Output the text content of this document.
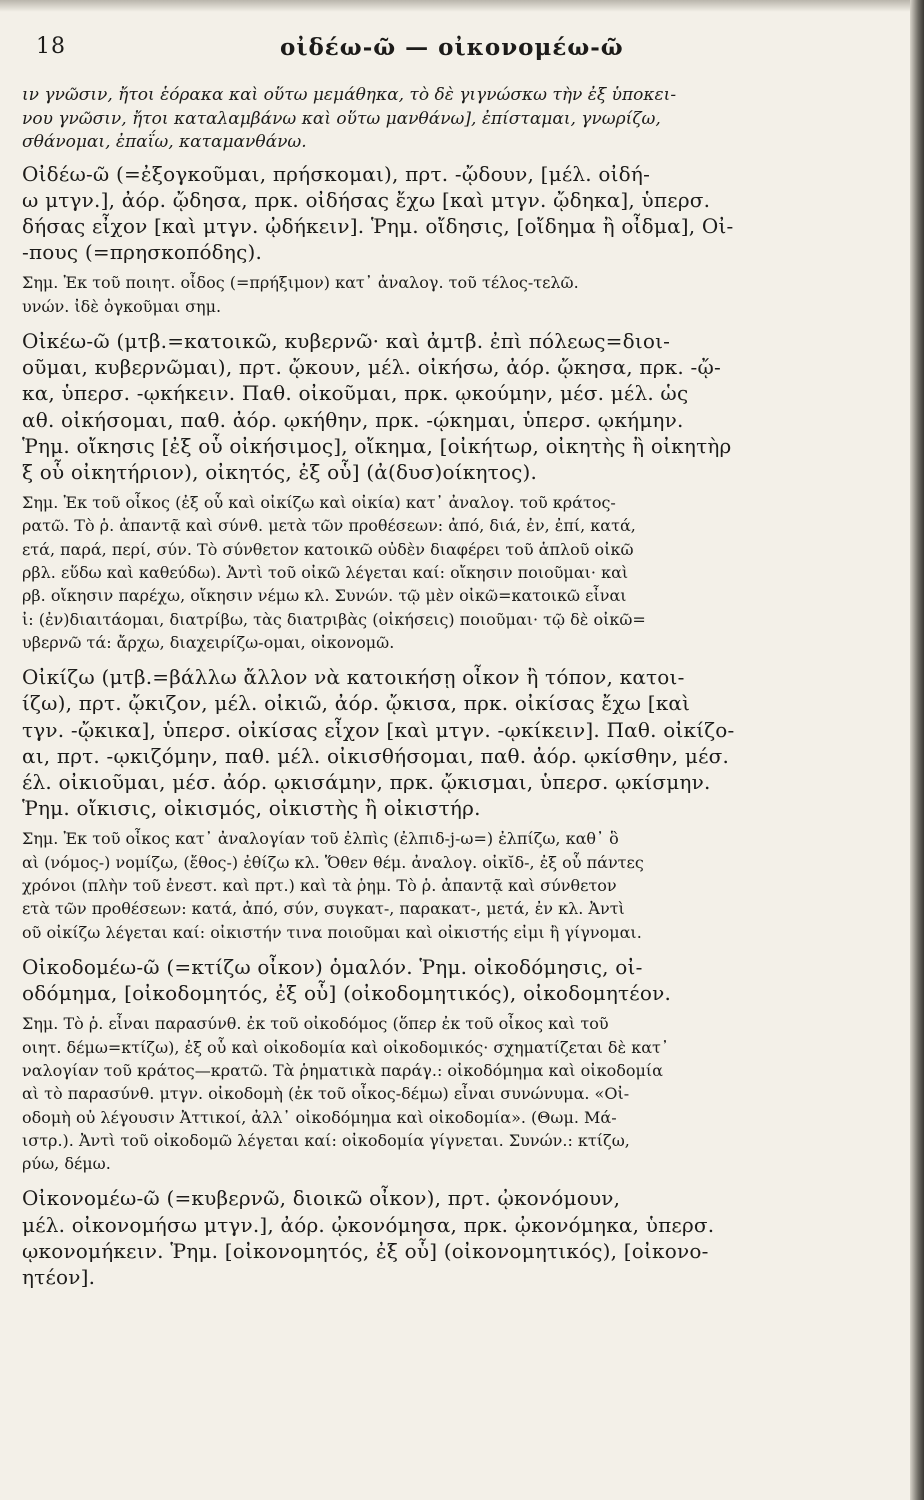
18	οἰδέω-ῶ — οἰκονομέω-ῶ
ιν γνῶσιν, ἤτοι ἑόρακα καὶ οὕτω μεμάθηκα, τὸ δὲ γιγνώσκω τὴν ἐξ ὑποκει-
νου γνῶσιν, ἤτοι καταλαμβάνω καὶ οὕτω μανθάνω], ἐπίσταμαι, γνωρίζω,
σθάνομαι, ἐπαΐω, καταμανθάνω.
Οἰδέω-ῶ (=ἐξογκοῦμαι, πρήσκομαι), πρτ. -ᾤδουν, [μέλ. οἰδή-
ω μτγν.], ἀόρ. ᾤδησα, πρκ. οἰδήσας ἔχω [καὶ μτγν. ᾤδηκα], ὑπερσ.
δήσας εἶχον [καὶ μτγν. ᾠδήκειν]. Ῥημ. οἴδησις, [οἴδημα ἢ οἶδμα], Οἰ-
-πους (=πρησκοπόδης).
Σημ. Ἐκ τοῦ ποιητ. οἶδος (=πρήξιμον) κατ᾽ ἀναλογ. τοῦ τέλος-τελῶ.
υνών. ἰδὲ ὀγκοῦμαι σημ.
Οἰκέω-ῶ (μτβ.=κατοικῶ, κυβερνῶ· καὶ ἀμτβ. ἐπὶ πόλεως=διοι-
οῦμαι, κυβερνῶμαι), πρτ. ᾤκουν, μέλ. οἰκήσω, ἀόρ. ᾤκησα, πρκ. -ᾤ-
κα, ὑπερσ. -ῳκήκειν. Παθ. οἰκοῦμαι, πρκ. ῳκούμην, μέσ. μέλ. ὡς
αθ. οἰκήσομαι, παθ. ἀόρ. ῳκήθην, πρκ. -ῴκημαι, ὑπερσ. ῳκήμην.
Ῥημ. οἴκησις [ἐξ οὗ οἰκήσιμος], οἴκημα, [οἰκήτωρ, οἰκητὴς ἢ οἰκητὴρ
ξ οὗ οἰκητήριον), οἰκητός, ἐξ οὗ] (ἀ(δυσ)οίκητος).
Σημ. Ἐκ τοῦ οἶκος (ἐξ οὗ καὶ οἰκίζω καὶ οἰκία) κατ᾽ ἀναλογ. τοῦ κράτος-
ρατῶ. Τὸ ῥ. ἀπαντᾷ καὶ σύνθ. μετὰ τῶν προθέσεων: ἀπό, διά, ἐν, ἐπί, κατά,
ετά, παρά, περί, σύν. Τὸ σύνθετον κατοικῶ οὐδὲν διαφέρει τοῦ ἁπλοῦ οἰκῶ
ρβλ. εὕδω καὶ καθεύδω). Ἀντὶ τοῦ οἰκῶ λέγεται καί: οἴκησιν ποιοῦμαι· καὶ
ρβ. οἴκησιν παρέχω, οἴκησιν νέμω κλ. Συνών. τῷ μὲν οἰκῶ=κατοικῶ εἶναι
ἰ: (ἐν)διαιτάομαι, διατρίβω, τὰς διατριβὰς (οἰκήσεις) ποιοῦμαι· τῷ δὲ οἰκῶ=
υβερνῶ τά: ἄρχω, διαχειρίζω-ομαι, οἰκονομῶ.
Οἰκίζω (μτβ.=βάλλω ἄλλον νὰ κατοικήσῃ οἶκον ἢ τόπον, κατοι-
ίζω), πρτ. ᾤκιζον, μέλ. οἰκιῶ, ἀόρ. ᾤκισα, πρκ. οἰκίσας ἔχω [καὶ
τγν. -ᾤκικα], ὑπερσ. οἰκίσας εἶχον [καὶ μτγν. -ῳκίκειν]. Παθ. οἰκίζο-
αι, πρτ. -ῳκιζόμην, παθ. μέλ. οἰκισθήσομαι, παθ. ἀόρ. ῳκίσθην, μέσ.
έλ. οἰκιοῦμαι, μέσ. ἀόρ. ῳκισάμην, πρκ. ᾤκισμαι, ὑπερσ. ῳκίσμην.
Ῥημ. οἴκισις, οἰκισμός, οἰκιστὴς ἢ οἰκιστήρ.
Σημ. Ἐκ τοῦ οἶκος κατ᾽ ἀναλογίαν τοῦ ἐλπὶς (ἐλπιδ-j-ω=) ἐλπίζω, καθ᾽ ὃ
αὶ (νόμος-) νομίζω, (ἔθος-) ἐθίζω κλ. Ὅθεν θέμ. ἀναλογ. οἰκῐδ-, ἐξ οὗ πάντες
χρόνοι (πλὴν τοῦ ἐνεστ. καὶ πρτ.) καὶ τὰ ῥημ. Τὸ ῥ. ἀπαντᾷ καὶ σύνθετον
ετὰ τῶν προθέσεων: κατά, ἀπό, σύν, συγκατ-, παρακατ-, μετά, ἐν κλ. Ἀντὶ
οῦ οἰκίζω λέγεται καί: οἰκιστήν τινα ποιοῦμαι καὶ οἰκιστής εἰμι ἢ γίγνομαι.
Οἰκοδομέω-ῶ (=κτίζω οἶκον) ὁμαλόν. Ῥημ. οἰκοδόμησις, οἰ-
οδόμημα, [οἰκοδομητός, ἐξ οὗ] (οἰκοδομητικός), οἰκοδομητέον.
Σημ. Τὸ ῥ. εἶναι παρασύνθ. ἐκ τοῦ οἰκοδόμος (ὅπερ ἐκ τοῦ οἶκος καὶ τοῦ
οιητ. δέμω=κτίζω), ἐξ οὗ καὶ οἰκοδομία καὶ οἰκοδομικός· σχηματίζεται δὲ κατ᾽
ναλογίαν τοῦ κράτος—κρατῶ. Τὰ ῥηματικὰ παράγ.: οἰκοδόμημα καὶ οἰκοδομία
αὶ τὸ παρασύνθ. μτγν. οἰκοδομὴ (ἐκ τοῦ οἶκος-δέμω) εἶναι συνώνυμα. «Οἰ-
οδομὴ οὐ λέγουσιν Ἀττικοί, ἀλλ᾽ οἰκοδόμημα καὶ οἰκοδομία». (Θωμ. Μά-
ιστρ.). Ἀντὶ τοῦ οἰκοδομῶ λέγεται καί: οἰκοδομία γίγνεται. Συνών.: κτίζω,
ρύω, δέμω.
Οἰκονομέω-ῶ (=κυβερνῶ, διοικῶ οἶκον), πρτ. ᾠκονόμουν,
μέλ. οἰκονομήσω μτγν.], ἀόρ. ᾠκονόμησα, πρκ. ᾠκονόμηκα, ὑπερσ.
ῳκονομήκειν. Ῥημ. [οἰκονομητός, ἐξ οὗ] (οἰκονομητικός), [οἰκονο-
ητέον].
